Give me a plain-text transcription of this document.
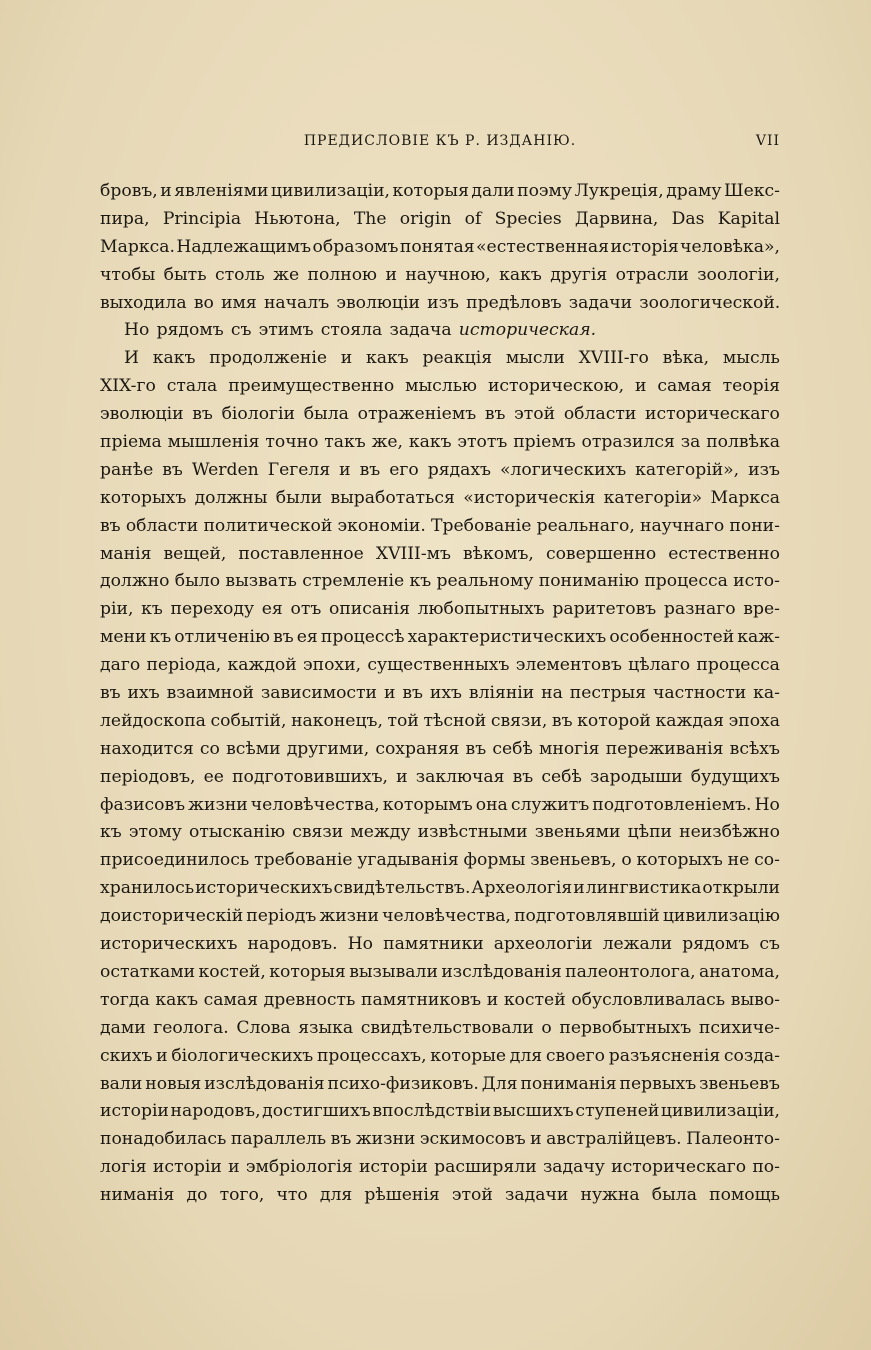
ПРЕДИСЛОВІЕ КЪ Р. ИЗДАНІЮ.	VII
бровъ, и явленіями цивилизаціи, которыя дали поэму Лукрецiя, драму Шекс-
пира, Principia Ньютона, The origin of Species Дарвина, Das Kapital
Маркса. Надлежащимъ образомъ понятая «естественная исторія человѣка»,
чтобы быть столь же полною и научною, какъ другія отрасли зоологіи,
выходила во имя началъ эволюціи изъ предѣловъ задачи зоологической.
Но рядомъ съ этимъ стояла задача историческая.
И какъ продолженіе и какъ реакція мысли XVIII-го вѣка, мысль
XIX-го стала преимущественно мыслью историческою, и самая теорія
эволюціи въ біологіи была отраженіемъ въ этой области историческаго
пріема мышленія точно такъ же, какъ этотъ пріемъ отразился за полвѣка
ранѣе въ Werden Гегеля и въ его рядахъ «логическихъ категорій», изъ
которыхъ должны были выработаться «историческія категоріи» Маркса
въ области политической экономіи. Требованіе реальнаго, научнаго пони-
манія вещей, поставленное XVIII-мъ вѣкомъ, совершенно естественно
должно было вызвать стремленіе къ реальному пониманію процесса исто-
ріи, къ переходу ея отъ описанія любопытныхъ раритетовъ разнаго вре-
мени къ отличенію въ ея процессѣ характеристическихъ особенностей каж-
даго періода, каждой эпохи, существенныхъ элементовъ цѣлаго процесса
въ ихъ взаимной зависимости и въ ихъ вліяніи на пестрыя частности ка-
лейдоскопа событій, наконецъ, той тѣсной связи, въ которой каждая эпоха
находится со всѣми другими, сохраняя въ себѣ многія переживанія всѣхъ
періодовъ, ее подготовившихъ, и заключая въ себѣ зародыши будущихъ
фазисовъ жизни человѣчества, которымъ она служитъ подготовленіемъ. Но
къ этому отысканію связи между извѣстными звеньями цѣпи неизбѣжно
присоединилось требованіе угадыванія формы звеньевъ, о которыхъ не со-
хранилось историческихъ свидѣтельствъ. Археологія и лингвистика открыли
доисторическій періодъ жизни человѣчества, подготовлявшій цивилизацію
историческихъ народовъ. Но памятники археологіи лежали рядомъ съ
остатками костей, которыя вызывали изслѣдованія палеонтолога, анатома,
тогда какъ самая древность памятниковъ и костей обусловливалась выво-
дами геолога. Слова языка свидѣтельствовали о первобытныхъ психиче-
скихъ и біологическихъ процессахъ, которые для своего разъясненія созда-
вали новыя изслѣдованія психо-физиковъ. Для пониманія первыхъ звеньевъ
исторіи народовъ, достигшихъ впослѣдствіи высшихъ ступеней цивилизаціи,
понадобилась параллель въ жизни эскимосовъ и австралійцевъ. Палеонто-
логія исторіи и эмбріологія исторіи расширяли задачу историческаго по-
ниманія до того, что для рѣшенія этой задачи нужна была помощь
